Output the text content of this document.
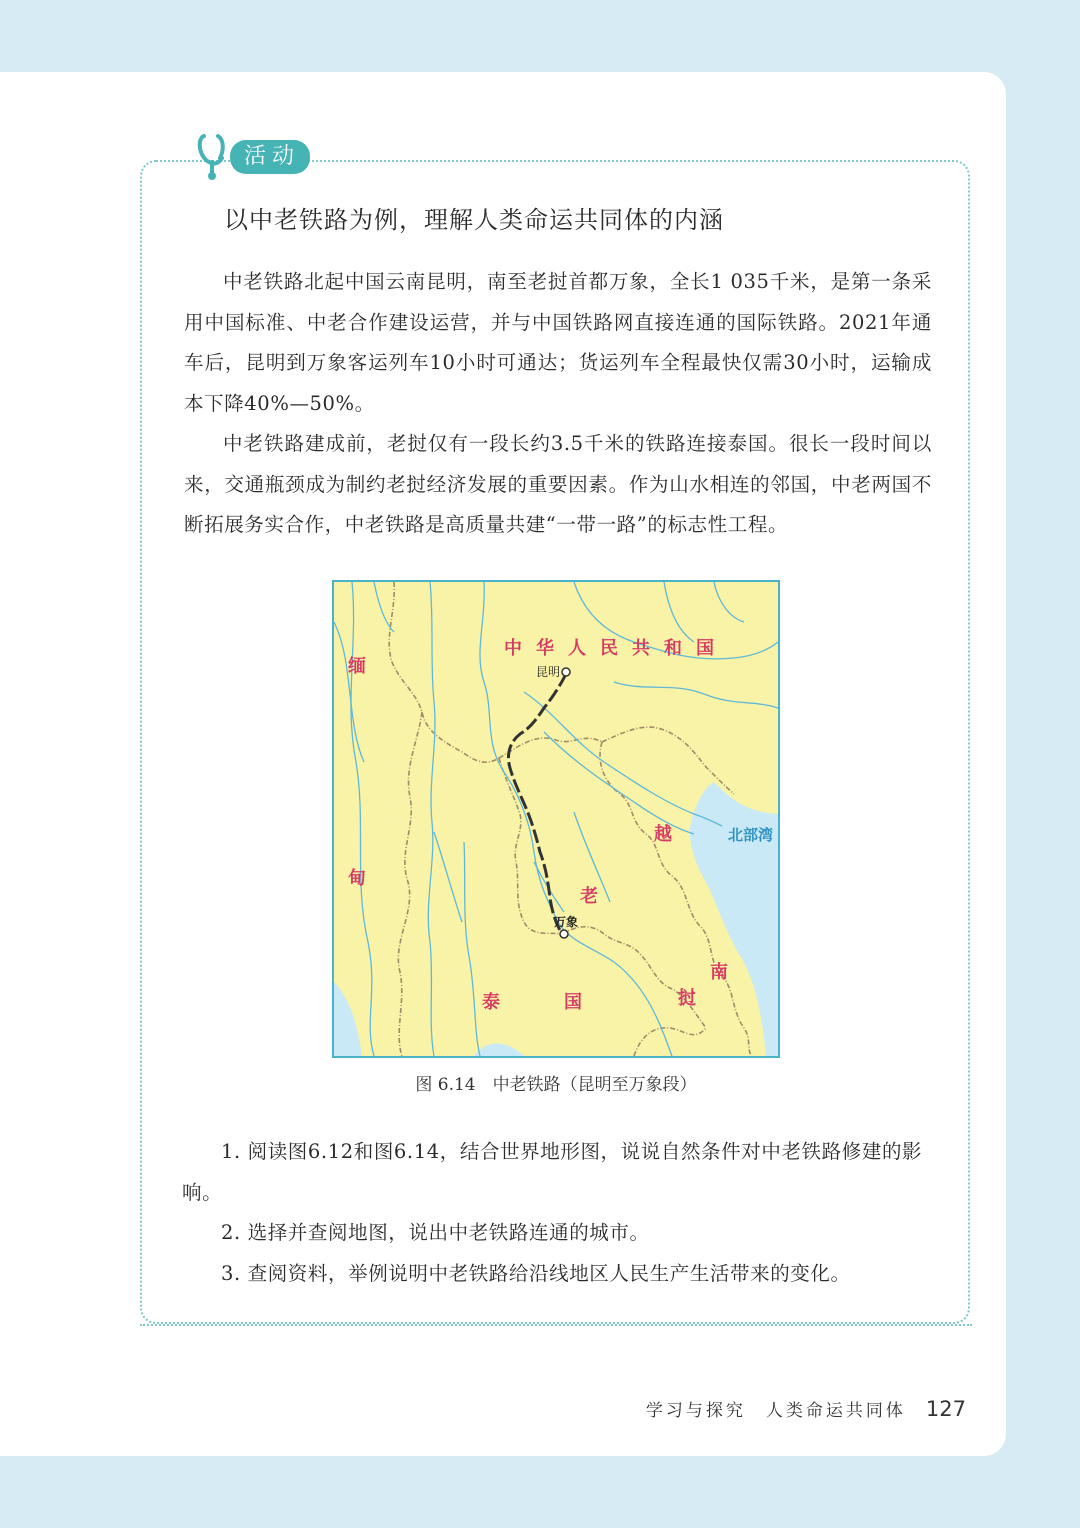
活动
以中老铁路为例，理解人类命运共同体的内涵

中老铁路北起中国云南昆明，南至老挝首都万象，全长1 035千米，是第一条采用中国标准、中老合作建设运营，并与中国铁路网直接连通的国际铁路。2021年通车后，昆明到万象客运列车10小时可通达；货运列车全程最快仅需30小时，运输成本下降40%—50%。

中老铁路建成前，老挝仅有一段长约3.5千米的铁路连接泰国。很长一段时间以来，交通瓶颈成为制约老挝经济发展的重要因素。作为山水相连的邻国，中老两国不断拓展务实合作，中老铁路是高质量共建“一带一路”的标志性工程。

中华人民共和国
缅
甸
越
南
老
挝
泰	国
昆明
万象
北部湾
图 6.14　中老铁路（昆明至万象段）

1. 阅读图6.12和图6.14，结合世界地形图，说说自然条件对中老铁路修建的影响。

2. 选择并查阅地图，说出中老铁路连通的城市。

3. 查阅资料，举例说明中老铁路给沿线地区人民生产生活带来的变化。

学习与探究　人类命运共同体 127
